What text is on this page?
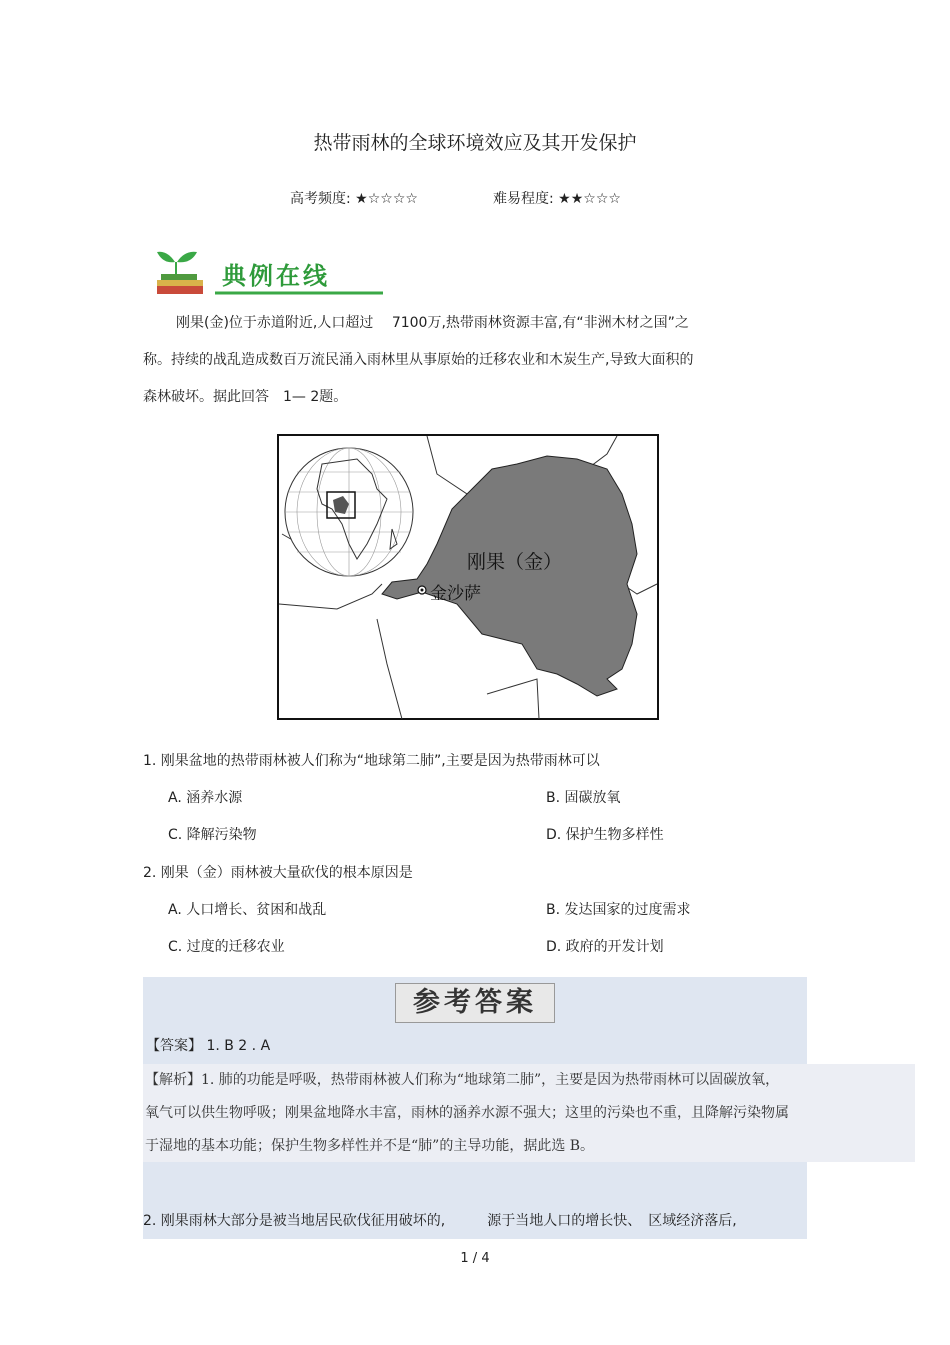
热带雨林的全球环境效应及其开发保护
高考频度: ★☆☆☆☆	难易程度: ★★☆☆☆
典例在线
刚果(金)位于赤道附近,人口超过　 7100万,热带雨林资源丰富,有“非洲木材之国”之
称。持续的战乱造成数百万流民涌入雨林里从事原始的迁移农业和木炭生产,导致大面积的
森林破坏。据此回答　1— 2题。
刚果（金）
金沙萨
1. 刚果盆地的热带雨林被人们称为“地球第二肺”,主要是因为热带雨林可以
A. 涵养水源	B. 固碳放氧
C. 降解污染物	D. 保护生物多样性
2. 刚果（金）雨林被大量砍伐的根本原因是
A. 人口增长、贫困和战乱	B. 发达国家的过度需求
C. 过度的迁移农业	D. 政府的开发计划
参考答案
【答案】 1. B 2 . A
【解析】1. 肺的功能是呼吸，热带雨林被人们称为“地球第二肺”，主要是因为热带雨林可以固碳放氧，
氧气可以供生物呼吸；刚果盆地降水丰富，雨林的涵养水源不强大；这里的污染也不重，且降解污染物属
于湿地的基本功能；保护生物多样性并不是“肺”的主导功能，据此选 B。
2. 刚果雨林大部分是被当地居民砍伐征用破坏的,　　　源于当地人口的增长快、　区域经济落后,
1 / 4
